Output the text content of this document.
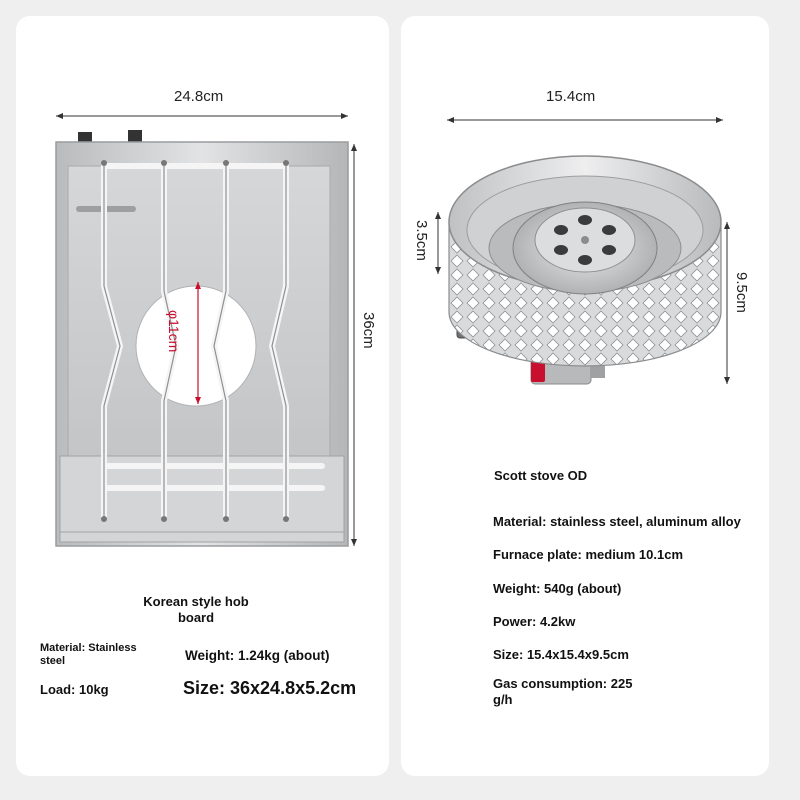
24.8cm
36cm
φ11cm
Korean style hob board
Material: Stainless steel	Weight: 1.24kg (about)
Load: 10kg	Size: 36x24.8x5.2cm
15.4cm
9.5cm
3.5cm
Scott stove OD
Material: stainless steel, aluminum alloy
Furnace plate: medium 10.1cm
Weight: 540g (about)
Power: 4.2kw
Size: 15.4x15.4x9.5cm
Gas consumption: 225 g/h
